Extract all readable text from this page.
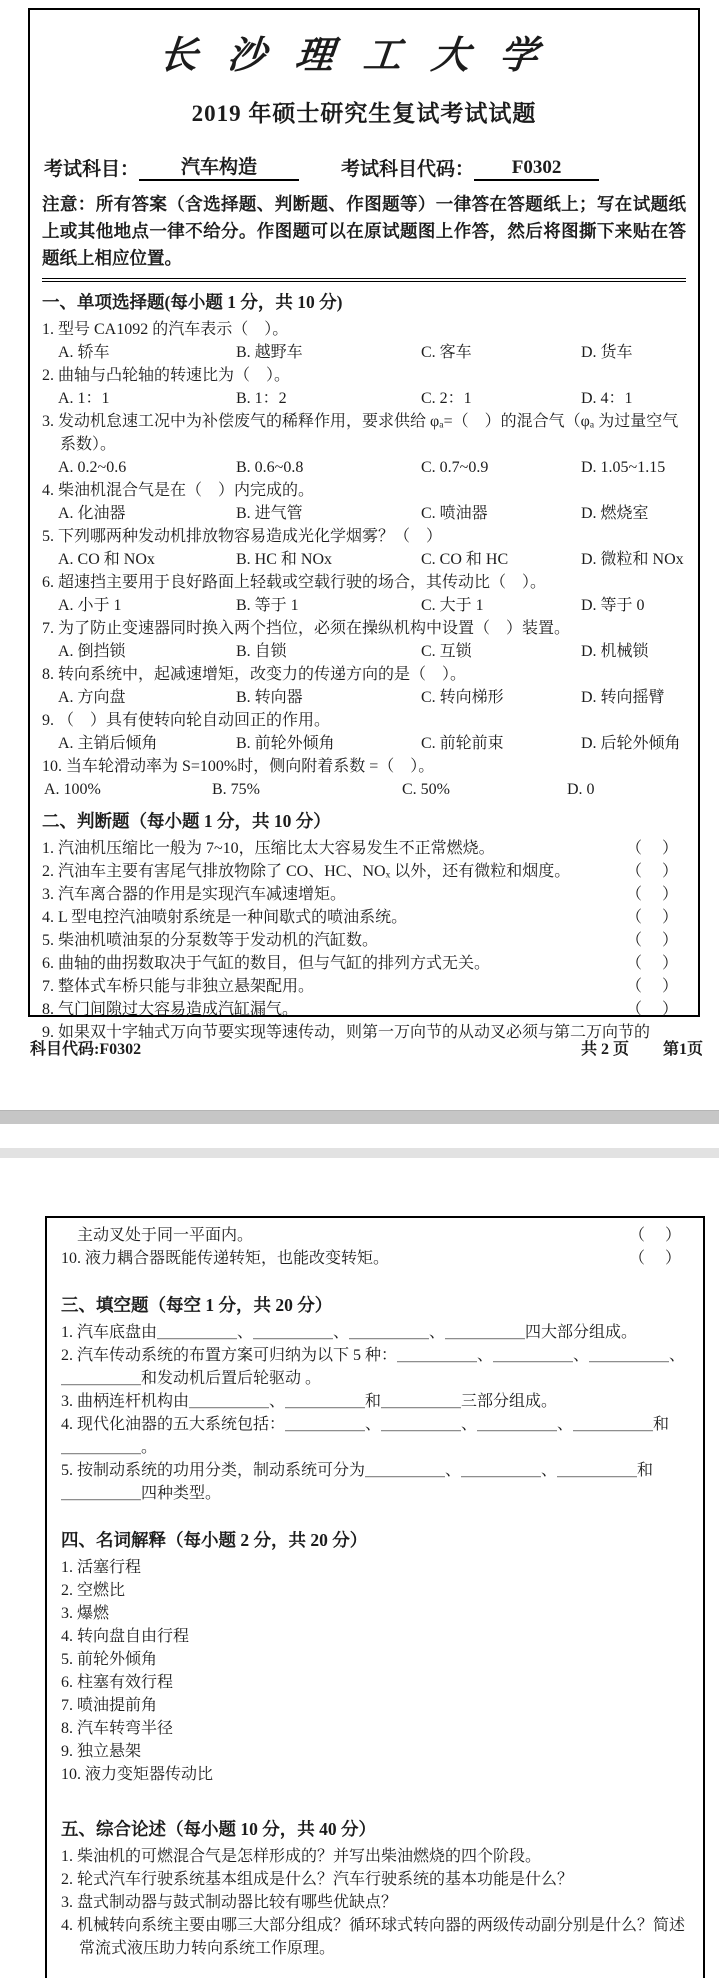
长沙理工大学
2019 年硕士研究生复试考试试题
考试科目：	汽车构造	考试科目代码：	F0302
注意：所有答案（含选择题、判断题、作图题等）一律答在答题纸上；写在试题纸上或其他地点一律不给分。作图题可以在原试题图上作答，然后将图撕下来贴在答题纸上相应位置。
一、单项选择题(每小题 1 分，共 10 分)
1. 型号 CA1092 的汽车表示（　）。
A. 轿车	B. 越野车	C. 客车	D. 货车
2. 曲轴与凸轮轴的转速比为（　）。
A. 1：1	B. 1：2	C. 2：1	D. 4：1
3. 发动机怠速工况中为补偿废气的稀释作用，要求供给 φₐ=（　）的混合气（φₐ 为过量空气系数）。
A. 0.2~0.6	B. 0.6~0.8	C. 0.7~0.9	D. 1.05~1.15
4. 柴油机混合气是在（　）内完成的。
A. 化油器	B. 进气管	C. 喷油器	D. 燃烧室
5. 下列哪两种发动机排放物容易造成光化学烟雾？（　）
A. CO 和 NOx	B. HC 和 NOx	C. CO 和 HC	D. 微粒和 NOx
6. 超速挡主要用于良好路面上轻载或空载行驶的场合，其传动比（　）。
A. 小于 1	B. 等于 1	C. 大于 1	D. 等于 0
7. 为了防止变速器同时换入两个挡位，必须在操纵机构中设置（　）装置。
A. 倒挡锁	B. 自锁	C. 互锁	D. 机械锁
8. 转向系统中，起减速增矩，改变力的传递方向的是（　）。
A. 方向盘	B. 转向器	C. 转向梯形	D. 转向摇臂
9. （　）具有使转向轮自动回正的作用。
A. 主销后倾角	B. 前轮外倾角	C. 前轮前束	D. 后轮外倾角
10. 当车轮滑动率为 S=100%时，侧向附着系数 =（　）。
A. 100%	B. 75%	C. 50%	D. 0
二、判断题（每小题 1 分，共 10 分）
1. 汽油机压缩比一般为 7~10，压缩比太大容易发生不正常燃烧。	（　）
2. 汽油车主要有害尾气排放物除了 CO、HC、NOₓ 以外，还有微粒和烟度。	（　）
3. 汽车离合器的作用是实现汽车减速增矩。	（　）
4. L 型电控汽油喷射系统是一种间歇式的喷油系统。	（　）
5. 柴油机喷油泵的分泵数等于发动机的汽缸数。	（　）
6. 曲轴的曲拐数取决于气缸的数目，但与气缸的排列方式无关。	（　）
7. 整体式车桥只能与非独立悬架配用。	（　）
8. 气门间隙过大容易造成汽缸漏气。	（　）
9. 如果双十字轴式万向节要实现等速传动，则第一万向节的从动叉必须与第二万向节的
科目代码:F0302	共 2 页 第1页
主动叉处于同一平面内。	（　）
10. 液力耦合器既能传递转矩，也能改变转矩。	（　）
三、填空题（每空 1 分，共 20 分）
1. 汽车底盘由＿＿＿＿＿、＿＿＿＿＿、＿＿＿＿＿、＿＿＿＿＿四大部分组成。
2. 汽车传动系统的布置方案可归纳为以下 5 种：＿＿＿＿＿、＿＿＿＿＿、＿＿＿＿＿、
＿＿＿＿＿和发动机后置后轮驱动 。
3. 曲柄连杆机构由＿＿＿＿＿、＿＿＿＿＿和＿＿＿＿＿三部分组成。
4. 现代化油器的五大系统包括：＿＿＿＿＿、＿＿＿＿＿、＿＿＿＿＿、＿＿＿＿＿和
＿＿＿＿＿。
5. 按制动系统的功用分类，制动系统可分为＿＿＿＿＿、＿＿＿＿＿、＿＿＿＿＿和
＿＿＿＿＿四种类型。
四、名词解释（每小题 2 分，共 20 分）
1. 活塞行程
2. 空燃比
3. 爆燃
4. 转向盘自由行程
5. 前轮外倾角
6. 柱塞有效行程
7. 喷油提前角
8. 汽车转弯半径
9. 独立悬架
10. 液力变矩器传动比
五、综合论述（每小题 10 分，共 40 分）
1. 柴油机的可燃混合气是怎样形成的？并写出柴油燃烧的四个阶段。
2. 轮式汽车行驶系统基本组成是什么？汽车行驶系统的基本功能是什么？
3. 盘式制动器与鼓式制动器比较有哪些优缺点？
4. 机械转向系统主要由哪三大部分组成？循环球式转向器的两级传动副分别是什么？简述常流式液压助力转向系统工作原理。
